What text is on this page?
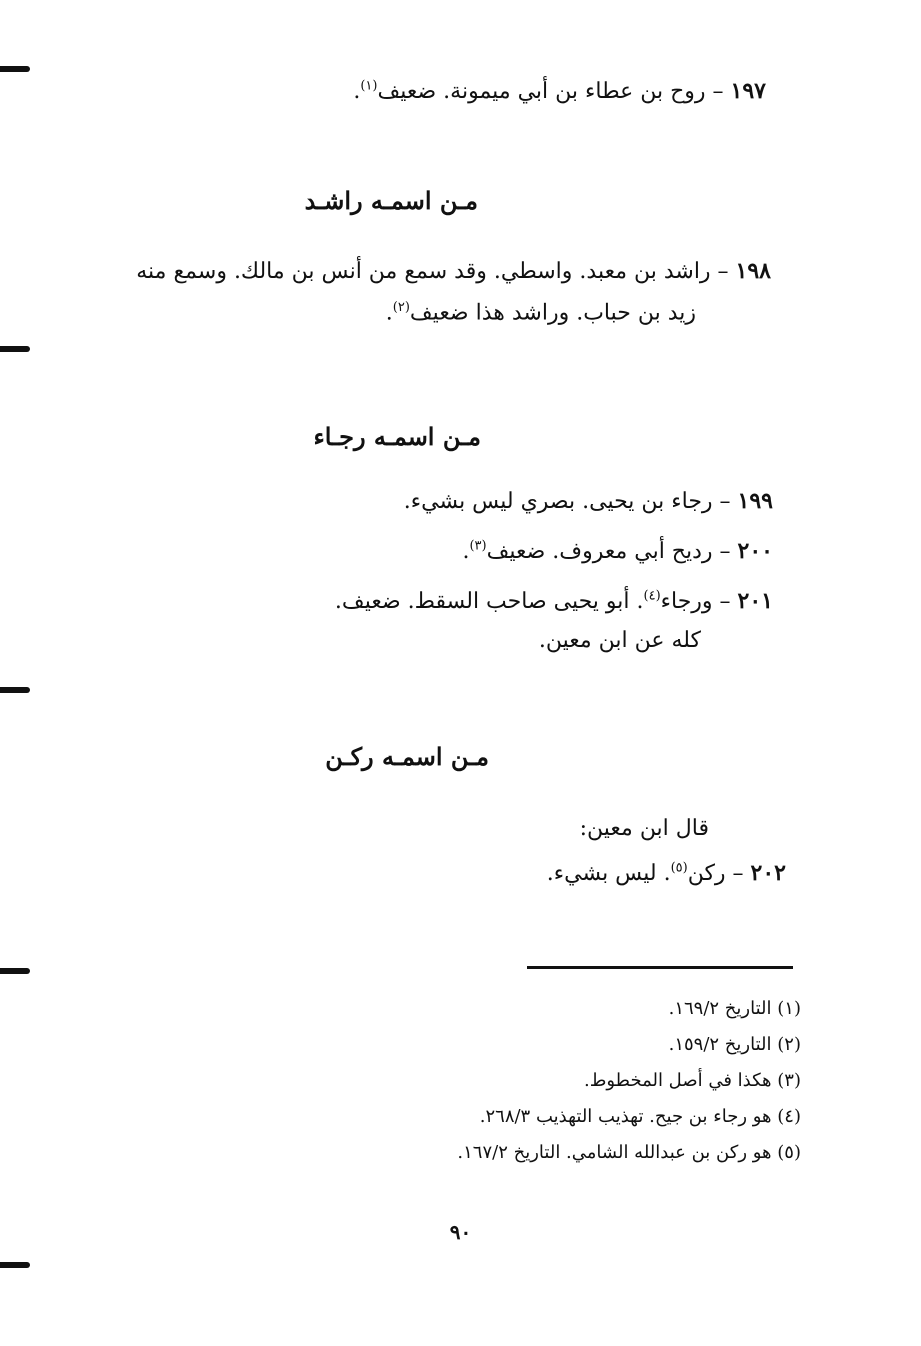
١٩٧ – روح بن عطاء بن أبي ميمونة. ضعيف$^{(١)}$.
مـن اسمـه راشـد
١٩٨ – راشد بن معبد. واسطي. وقد سمع من أنس بن مالك. وسمع منه
زيد بن حباب. وراشد هذا ضعيف$^{(٢)}$.
مـن اسمـه رجـاء
١٩٩ – رجاء بن يحيى. بصري ليس بشيء.
٢٠٠ – رديح أبي معروف. ضعيف$^{(٣)}$.
٢٠١ – ورجاء$^{(٤)}$. أبو يحيى صاحب السقط. ضعيف.
كله عن ابن معين.
مـن اسمـه ركـن
قال ابن معين:
٢٠٢ – ركن$^{(٥)}$. ليس بشيء.
(١) التاريخ ١٦٩/٢.
(٢) التاريخ ١٥٩/٢.
(٣) هكذا في أصل المخطوط.
(٤) هو رجاء بن جيح. تهذيب التهذيب ٢٦٨/٣.
(٥) هو ركن بن عبدالله الشامي. التاريخ ١٦٧/٢.
٩٠
